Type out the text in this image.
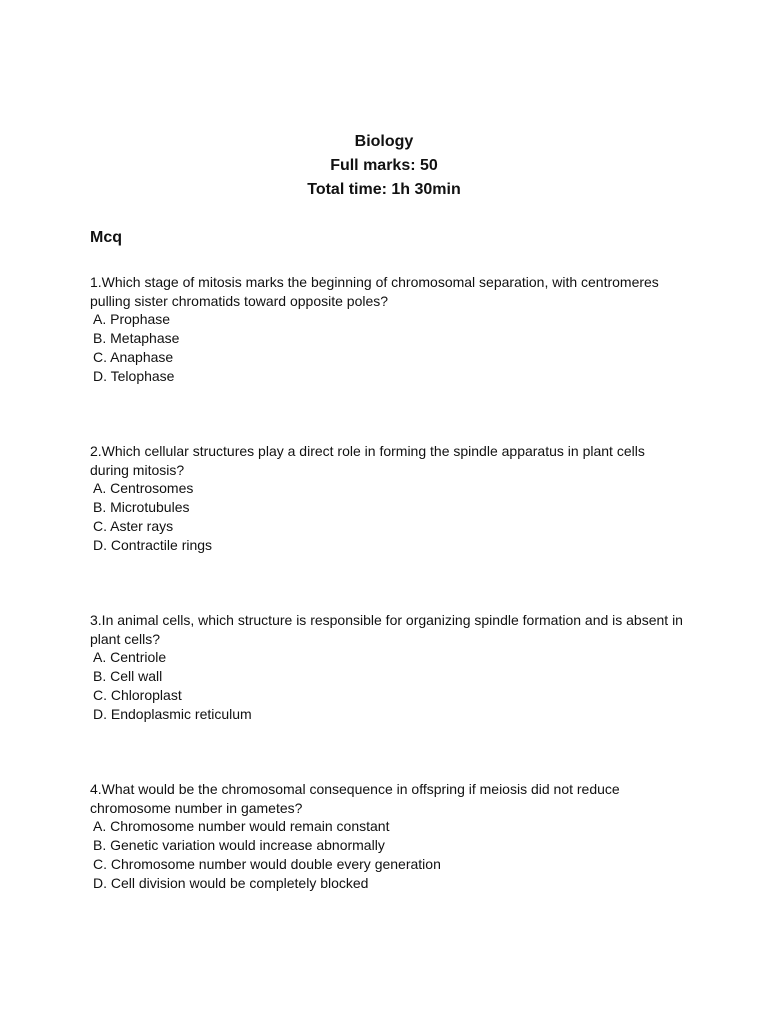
Biology
Full marks: 50
Total time: 1h 30min
Mcq
1.Which stage of mitosis marks the beginning of chromosomal separation, with centromeres
pulling sister chromatids toward opposite poles?
A. Prophase
B. Metaphase
C. Anaphase
D. Telophase
2.Which cellular structures play a direct role in forming the spindle apparatus in plant cells
during mitosis?
A. Centrosomes
B. Microtubules
C. Aster rays
D. Contractile rings
3.In animal cells, which structure is responsible for organizing spindle formation and is absent in
plant cells?
A. Centriole
B. Cell wall
C. Chloroplast
D. Endoplasmic reticulum
4.What would be the chromosomal consequence in offspring if meiosis did not reduce
chromosome number in gametes?
A. Chromosome number would remain constant
B. Genetic variation would increase abnormally
C. Chromosome number would double every generation
D. Cell division would be completely blocked
